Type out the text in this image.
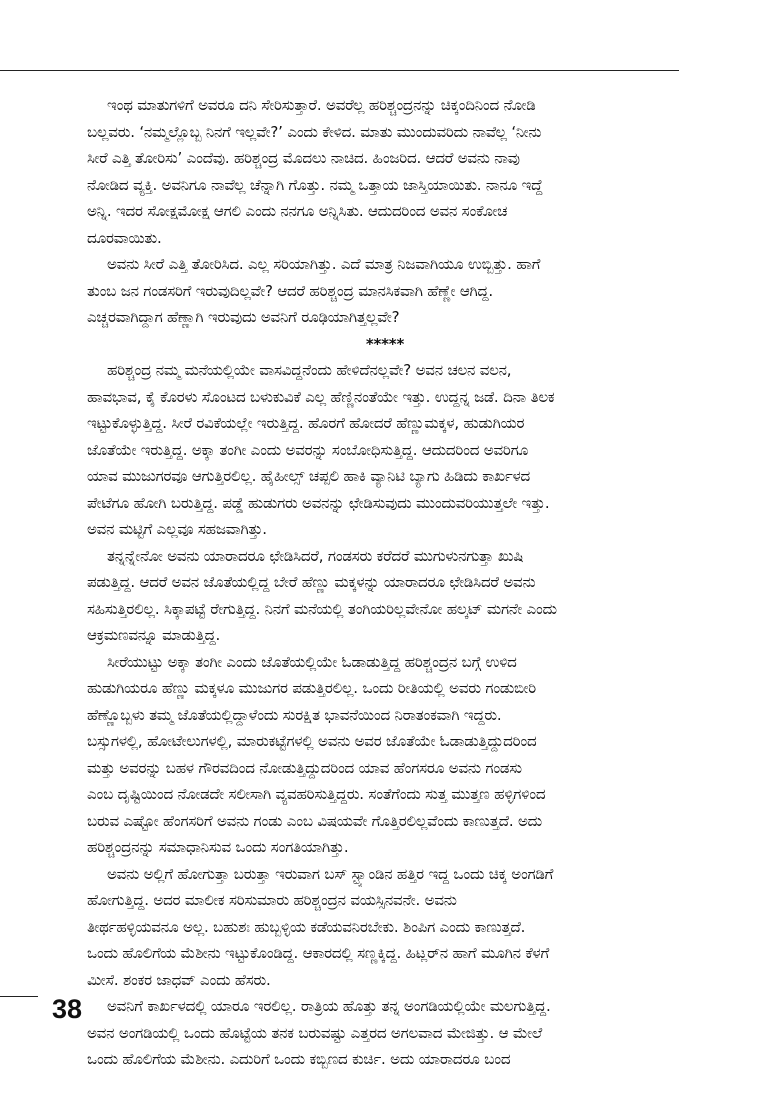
ಇಂಥ ಮಾತುಗಳಿಗೆ ಅವರೂ ದನಿ ಸೇರಿಸುತ್ತಾರೆ. ಅವರೆಲ್ಲ ಹರಿಶ್ಚಂದ್ರನನ್ನು ಚಿಕ್ಕಂದಿನಿಂದ ನೋಡಿ
ಬಲ್ಲವರು. ‘ನಮ್ಮಲ್ಲೊಬ್ಬ ನಿನಗೆ ಇಲ್ಲವೇ?’ ಎಂದು ಕೇಳಿದ. ಮಾತು ಮುಂದುವರಿದು ನಾವೆಲ್ಲ ‘ನೀನು
ಸೀರೆ ಎತ್ತಿ ತೋರಿಸು’ ಎಂದೆವು. ಹರಿಶ್ಚಂದ್ರ ಮೊದಲು ನಾಚಿದ. ಹಿಂಜರಿದ. ಆದರೆ ಅವನು ನಾವು
ನೋಡಿದ ವ್ಯಕ್ತಿ. ಅವನಿಗೂ ನಾವೆಲ್ಲ ಚೆನ್ನಾಗಿ ಗೊತ್ತು. ನಮ್ಮ ಒತ್ತಾಯ ಜಾಸ್ತಿಯಾಯಿತು. ನಾನೂ ಇದ್ದೆ
ಅನ್ನಿ. ಇದರ ಸೋಕ್ಷಮೋಕ್ಷ ಆಗಲಿ ಎಂದು ನನಗೂ ಅನ್ನಿಸಿತು. ಆದುದರಿಂದ ಅವನ ಸಂಕೋಚ
ದೂರವಾಯಿತು.
ಅವನು ಸೀರೆ ಎತ್ತಿ ತೋರಿಸಿದ. ಎಲ್ಲ ಸರಿಯಾಗಿತ್ತು. ಎದೆ ಮಾತ್ರ ನಿಜವಾಗಿಯೂ ಉಬ್ಬಿತ್ತು. ಹಾಗೆ
ತುಂಬ ಜನ ಗಂಡಸರಿಗೆ ಇರುವುದಿಲ್ಲವೇ? ಆದರೆ ಹರಿಶ್ಚಂದ್ರ ಮಾನಸಿಕವಾಗಿ ಹೆಣ್ಣೇ ಆಗಿದ್ದ.
ಎಚ್ಚರವಾಗಿದ್ದಾಗ ಹೆಣ್ಣಾಗಿ ಇರುವುದು ಅವನಿಗೆ ರೂಢಿಯಾಗಿತ್ತಲ್ಲವೇ?
*****
ಹರಿಶ್ಚಂದ್ರ ನಮ್ಮ ಮನೆಯಲ್ಲಿಯೇ ವಾಸವಿದ್ದನೆಂದು ಹೇಳಿದೆನಲ್ಲವೇ? ಅವನ ಚಲನ ವಲನ,
ಹಾವಭಾವ, ಕೈ ಕೊರಳು ಸೊಂಟದ ಬಳುಕುವಿಕೆ ಎಲ್ಲ ಹೆಣ್ಣಿನಂತೆಯೇ ಇತ್ತು. ಉದ್ದನ್ನ ಜಡೆ. ದಿನಾ ತಿಲಕ
ಇಟ್ಟುಕೊಳ್ಳುತ್ತಿದ್ದ. ಸೀರೆ ರವಿಕೆಯಲ್ಲೇ ಇರುತ್ತಿದ್ದ. ಹೊರಗೆ ಹೋದರೆ ಹೆಣ್ಣುಮಕ್ಕಳ, ಹುಡುಗಿಯರ
ಜೊತೆಯೇ ಇರುತ್ತಿದ್ದ. ಅಕ್ಕಾ ತಂಗೀ ಎಂದು ಅವರನ್ನು ಸಂಬೋಧಿಸುತ್ತಿದ್ದ. ಆದುದರಿಂದ ಅವರಿಗೂ
ಯಾವ ಮುಜುಗರವೂ ಆಗುತ್ತಿರಲಿಲ್ಲ. ಹೈಹೀಲ್ಸ್ ಚಪ್ಪಲಿ ಹಾಕಿ ವ್ಯಾನಿಟಿ ಬ್ಯಾಗು ಹಿಡಿದು ಕಾರ್ಖಳದ
ಪೇಟೆಗೂ ಹೋಗಿ ಬರುತ್ತಿದ್ದ. ಪಡ್ಡೆ ಹುಡುಗರು ಅವನನ್ನು ಛೇಡಿಸುವುದು ಮುಂದುವರಿಯುತ್ತಲೇ ಇತ್ತು.
ಅವನ ಮಟ್ಟಿಗೆ ಎಲ್ಲವೂ ಸಹಜವಾಗಿತ್ತು.
ತನ್ನನ್ನೇನೋ ಅವನು ಯಾರಾದರೂ ಛೇಡಿಸಿದರೆ, ಗಂಡಸರು ಕರೆದರೆ ಮುಗುಳುನಗುತ್ತಾ ಖುಷಿ
ಪಡುತ್ತಿದ್ದ. ಆದರೆ ಅವನ ಜೊತೆಯಲ್ಲಿದ್ದ ಬೇರೆ ಹೆಣ್ಣು ಮಕ್ಕಳನ್ನು ಯಾರಾದರೂ ಛೇಡಿಸಿದರೆ ಅವನು
ಸಹಿಸುತ್ತಿರಲಿಲ್ಲ. ಸಿಕ್ಕಾಪಟ್ಟೆ ರೇಗುತ್ತಿದ್ದ. ನಿನಗೆ ಮನೆಯಲ್ಲಿ ತಂಗಿಯರಿಲ್ಲವೇನೋ ಹಲ್ಕಟ್ ಮಗನೇ ಎಂದು
ಆಕ್ರಮಣವನ್ನೂ ಮಾಡುತ್ತಿದ್ದ.
ಸೀರೆಯುಟ್ಟು ಅಕ್ಕಾ ತಂಗೀ ಎಂದು ಜೊತೆಯಲ್ಲಿಯೇ ಓಡಾಡುತ್ತಿದ್ದ ಹರಿಶ್ಚಂದ್ರನ ಬಗ್ಗೆ ಉಳಿದ
ಹುಡುಗಿಯರೂ ಹೆಣ್ಣು ಮಕ್ಕಳೂ ಮುಜುಗರ ಪಡುತ್ತಿರಲಿಲ್ಲ. ಒಂದು ರೀತಿಯಲ್ಲಿ ಅವರು ಗಂಡುಬೀರಿ
ಹೆಣ್ಣೊಬ್ಬಳು ತಮ್ಮ ಜೊತೆಯಲ್ಲಿದ್ದಾಳೆಂದು ಸುರಕ್ಷಿತ ಭಾವನೆಯಿಂದ ನಿರಾತಂಕವಾಗಿ ಇದ್ದರು.
ಬಸ್ಸುಗಳಲ್ಲಿ, ಹೋಟೇಲುಗಳಲ್ಲಿ, ಮಾರುಕಟ್ಟೆಗಳಲ್ಲಿ ಅವನು ಅವರ ಜೊತೆಯೇ ಓಡಾಡುತ್ತಿದ್ದುದರಿಂದ
ಮತ್ತು ಅವರನ್ನು ಬಹಳ ಗೌರವದಿಂದ ನೋಡುತ್ತಿದ್ದುದರಿಂದ ಯಾವ ಹೆಂಗಸರೂ ಅವನು ಗಂಡಸು
ಎಂಬ ದೃಷ್ಟಿಯಿಂದ ನೋಡದೇ ಸಲೀಸಾಗಿ ವ್ಯವಹರಿಸುತ್ತಿದ್ದರು. ಸಂತೆಗೆಂದು ಸುತ್ತ ಮುತ್ತಣ ಹಳ್ಳಿಗಳಿಂದ
ಬರುವ ಎಷ್ಟೋ ಹೆಂಗಸರಿಗೆ ಅವನು ಗಂಡು ಎಂಬ ವಿಷಯವೇ ಗೊತ್ತಿರಲಿಲ್ಲವೆಂದು ಕಾಣುತ್ತದೆ. ಅದು
ಹರಿಶ್ಚಂದ್ರನನ್ನು ಸಮಾಧಾನಿಸುವ ಒಂದು ಸಂಗತಿಯಾಗಿತ್ತು.
ಅವನು ಅಲ್ಲಿಗೆ ಹೋಗುತ್ತಾ ಬರುತ್ತಾ ಇರುವಾಗ ಬಸ್ ಸ್ಟ್ಯಾಂಡಿನ ಹತ್ತಿರ ಇದ್ದ ಒಂದು ಚಿಕ್ಕ ಅಂಗಡಿಗೆ
ಹೋಗುತ್ತಿದ್ದ. ಅದರ ಮಾಲೀಕ ಸರಿಸುಮಾರು ಹರಿಶ್ಚಂದ್ರನ ವಯಸ್ಸಿನವನೇ. ಅವನು
ತೀರ್ಥಹಳ್ಳಿಯವನೂ ಅಲ್ಲ. ಬಹುಶಃ ಹುಬ್ಬಳ್ಳಿಯ ಕಡೆಯವನಿರಬೇಕು. ಶಿಂಪಿಗ ಎಂದು ಕಾಣುತ್ತದೆ.
ಒಂದು ಹೊಲಿಗೆಯ ಮೆಶೀನು ಇಟ್ಟುಕೊಂಡಿದ್ದ. ಆಕಾರದಲ್ಲಿ ಸಣ್ಣಕ್ಕಿದ್ದ. ಹಿಟ್ಲರ್‌ನ ಹಾಗೆ ಮೂಗಿನ ಕೆಳಗೆ
ಮೀಸೆ. ಶಂಕರ ಜಾಧವ್ ಎಂದು ಹೆಸರು.
ಅವನಿಗೆ ಕಾರ್ಖಳದಲ್ಲಿ ಯಾರೂ ಇರಲಿಲ್ಲ. ರಾತ್ರಿಯ ಹೊತ್ತು ತನ್ನ ಅಂಗಡಿಯಲ್ಲಿಯೇ ಮಲಗುತ್ತಿದ್ದ.
ಅವನ ಅಂಗಡಿಯಲ್ಲಿ ಒಂದು ಹೊಟ್ಟೆಯ ತನಕ ಬರುವಷ್ಟು ಎತ್ತರದ ಅಗಲವಾದ ಮೇಜಿತ್ತು. ಆ ಮೇಲೆ
ಒಂದು ಹೊಲಿಗೆಯ ಮೆಶೀನು. ಎದುರಿಗೆ ಒಂದು ಕಬ್ಬಿಣದ ಕುರ್ಚಿ. ಅದು ಯಾರಾದರೂ ಬಂದ
38
